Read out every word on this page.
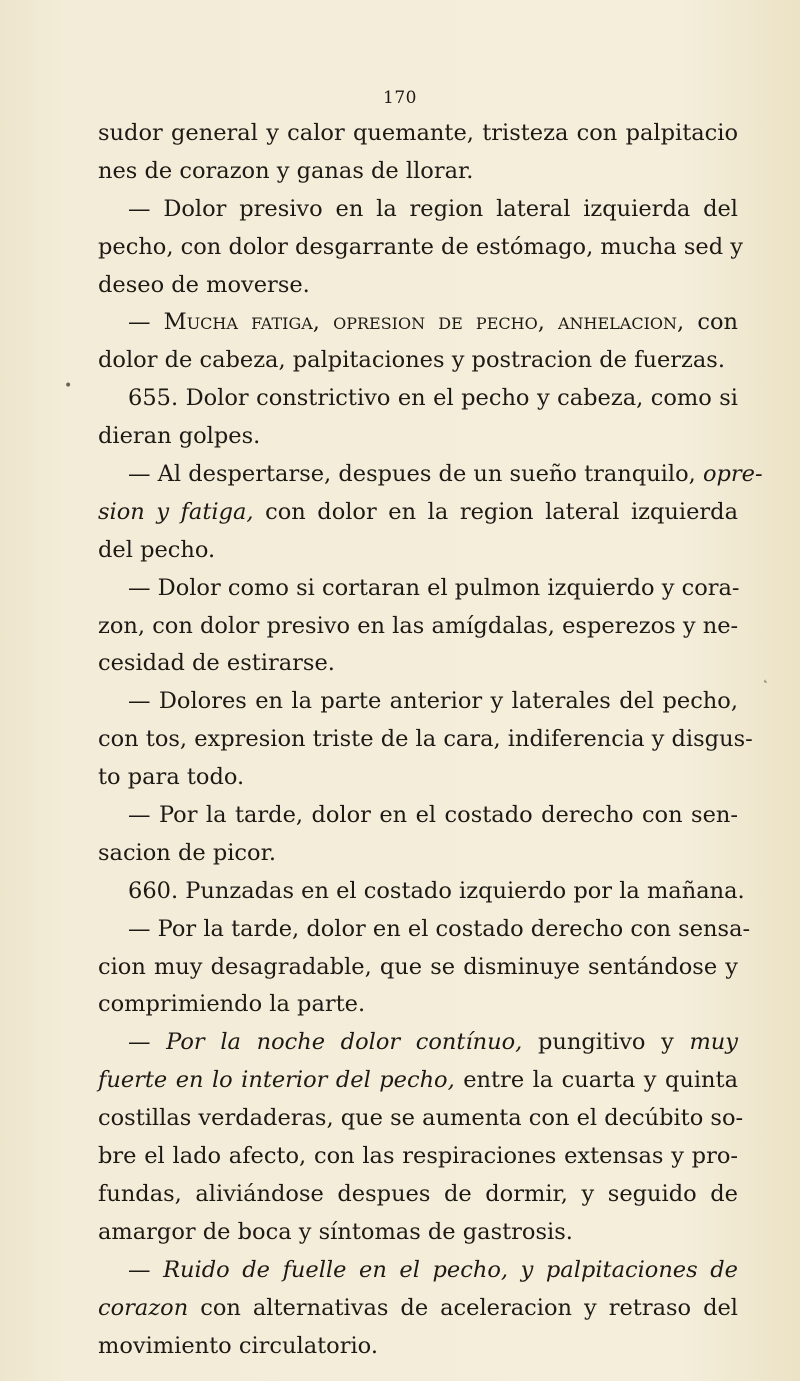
170
sudor general y calor quemante, tristeza con palpitacio
nes de corazon y ganas de llorar.
— Dolor presivo en la region lateral izquierda del
pecho, con dolor desgarrante de estómago, mucha sed y
deseo de moverse.
— Mucha fatiga, opresion de pecho, anhelacion, con
dolor de cabeza, palpitaciones y postracion de fuerzas.
655. Dolor constrictivo en el pecho y cabeza, como si
dieran golpes.
— Al despertarse, despues de un sueño tranquilo, opre-
sion y fatiga, con dolor en la region lateral izquierda
del pecho.
— Dolor como si cortaran el pulmon izquierdo y cora-
zon, con dolor presivo en las amígdalas, esperezos y ne-
cesidad de estirarse.
— Dolores en la parte anterior y laterales del pecho,
con tos, expresion triste de la cara, indiferencia y disgus-
to para todo.
— Por la tarde, dolor en el costado derecho con sen-
sacion de picor.
660. Punzadas en el costado izquierdo por la mañana.
— Por la tarde, dolor en el costado derecho con sensa-
cion muy desagradable, que se disminuye sentándose y
comprimiendo la parte.
— Por la noche dolor contínuo, pungitivo y muy
fuerte en lo interior del pecho, entre la cuarta y quinta
costillas verdaderas, que se aumenta con el decúbito so-
bre el lado afecto, con las respiraciones extensas y pro-
fundas, aliviándose despues de dormir, y seguido de
amargor de boca y síntomas de gastrosis.
— Ruido de fuelle en el pecho, y palpitaciones de
corazon con alternativas de aceleracion y retraso del
movimiento circulatorio.
•
˛
